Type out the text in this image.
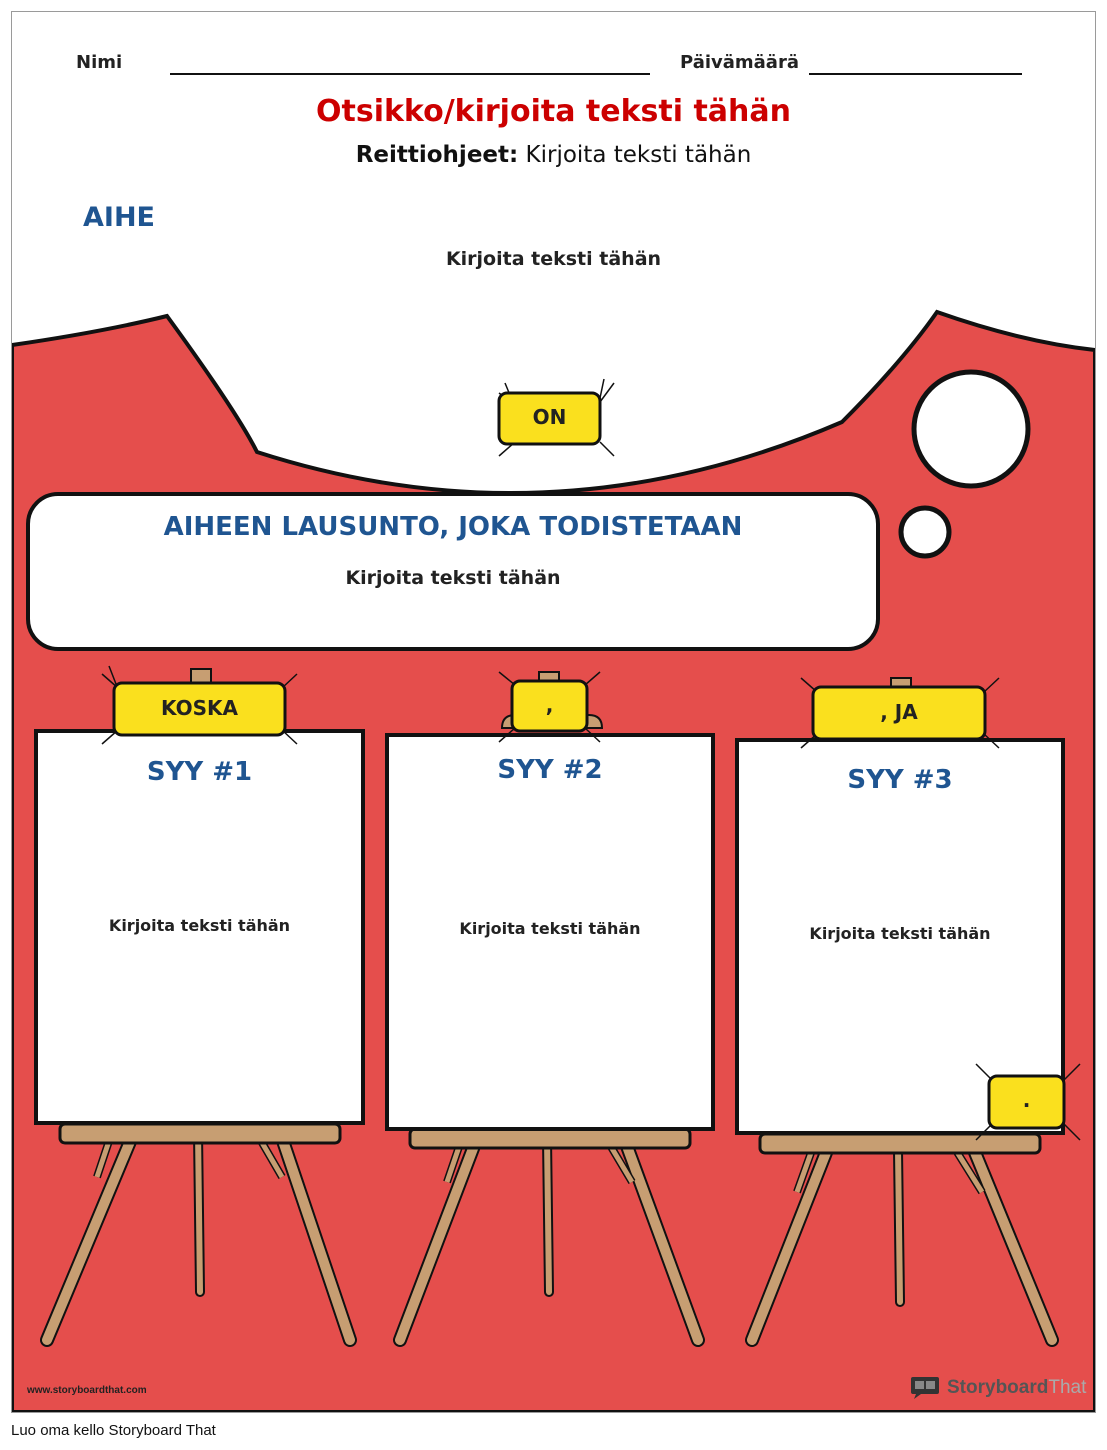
Nimi	Päivämäärä
Otsikko/kirjoita teksti tähän
Reittiohjeet: Kirjoita teksti tähän
AIHE
Kirjoita teksti tähän
ON
AIHEEN LAUSUNTO, JOKA TODISTETAAN
Kirjoita teksti tähän
KOSKA	,	, JA
.
SYY #1
Kirjoita teksti tähän
SYY #2
Kirjoita teksti tähän
SYY #3
Kirjoita teksti tähän
www.storyboardthat.com	StoryboardThat
Luo oma kello Storyboard That
